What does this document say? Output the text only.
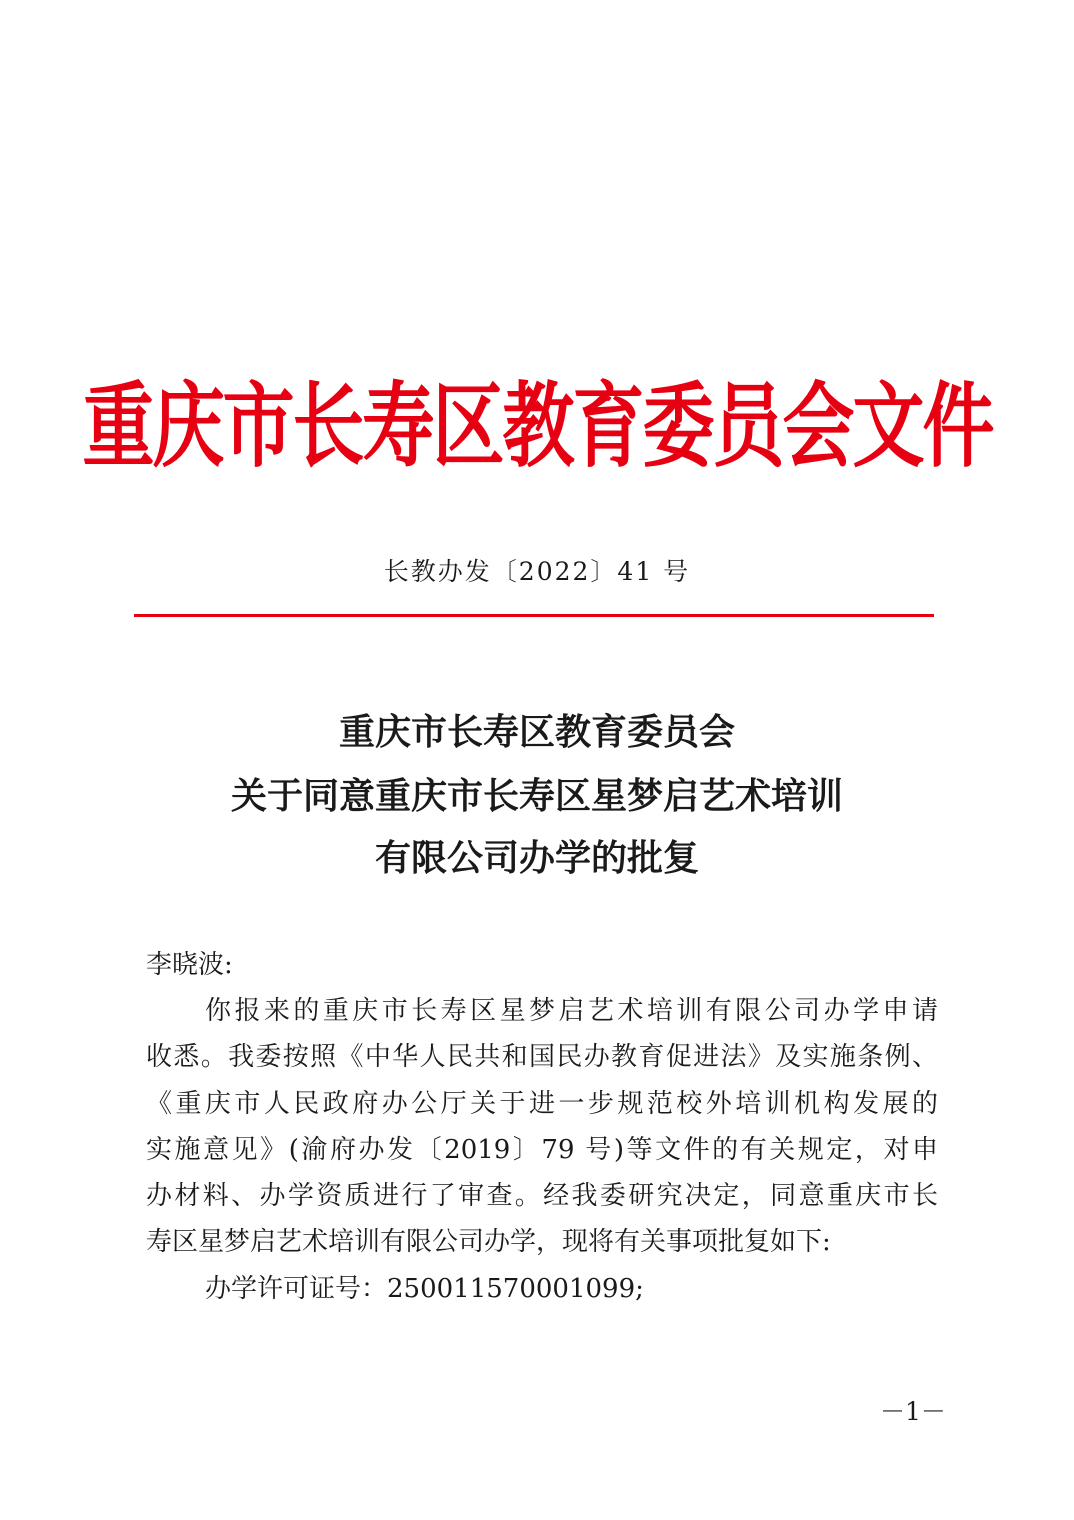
重庆市长寿区教育委员会文件
长教办发〔2022〕41 号
重庆市长寿区教育委员会
关于同意重庆市长寿区星梦启艺术培训
有限公司办学的批复
李晓波:
你报来的重庆市长寿区星梦启艺术培训有限公司办学申请
收悉。我委按照《中华人民共和国民办教育促进法》及实施条例、
《重庆市人民政府办公厅关于进一步规范校外培训机构发展的
实施意见》(渝府办发〔2019〕79 号)等文件的有关规定，对申
办材料、办学资质进行了审查。经我委研究决定，同意重庆市长
寿区星梦启艺术培训有限公司办学，现将有关事项批复如下:
办学许可证号：250011570001099;
－1－
